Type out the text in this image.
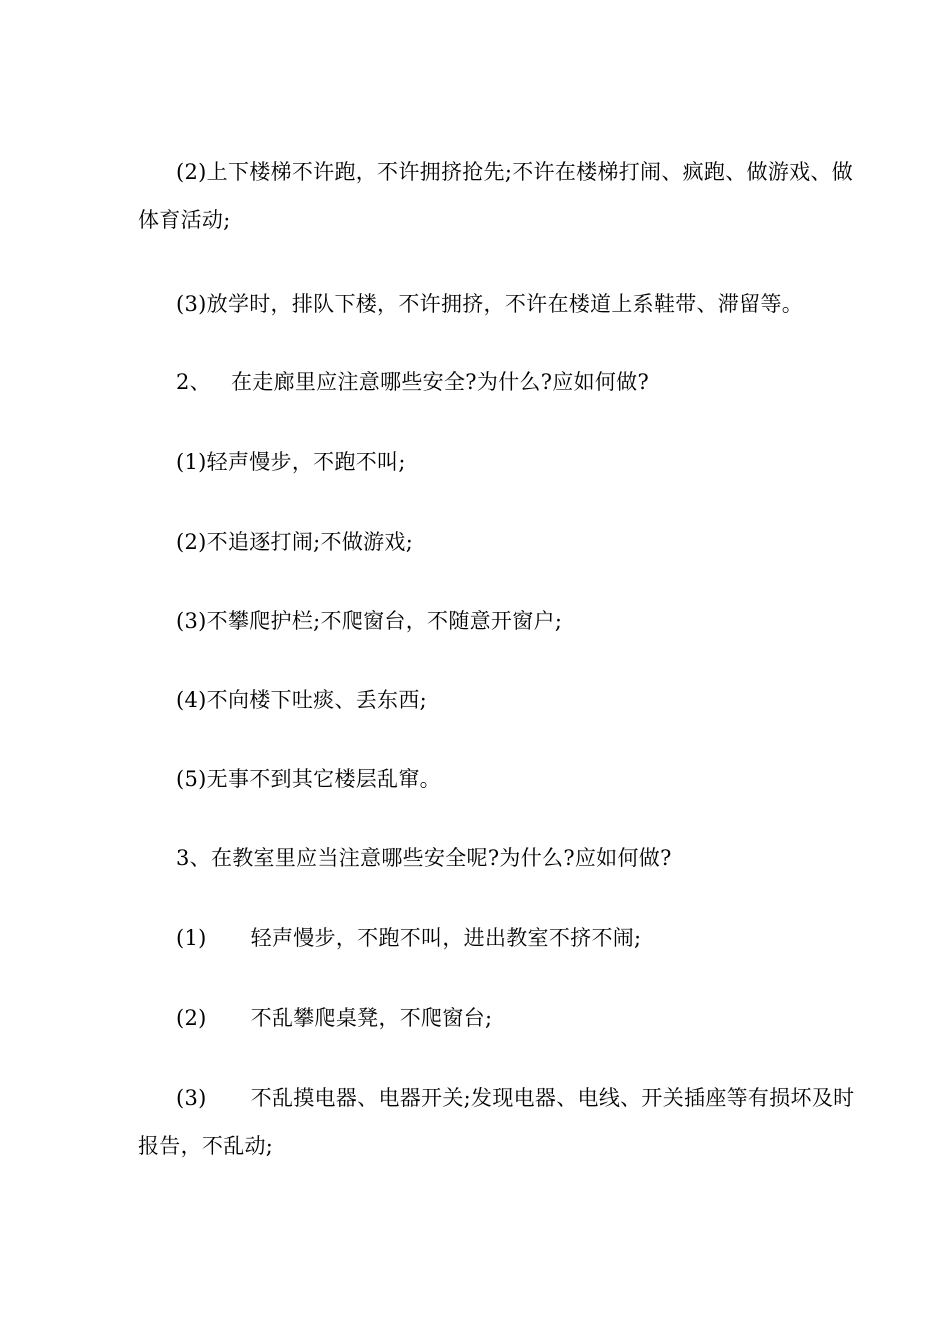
(2)上下楼梯不许跑，不许拥挤抢先;不许在楼梯打闹、疯跑、做游戏、做体育活动;
(3)放学时，排队下楼，不许拥挤，不许在楼道上系鞋带、滞留等。
2、 在走廊里应注意哪些安全?为什么?应如何做?
(1)轻声慢步，不跑不叫;
(2)不追逐打闹;不做游戏;
(3)不攀爬护栏;不爬窗台，不随意开窗户;
(4)不向楼下吐痰、丢东西;
(5)无事不到其它楼层乱窜。
3、在教室里应当注意哪些安全呢?为什么?应如何做?
(1) 轻声慢步，不跑不叫，进出教室不挤不闹;
(2) 不乱攀爬桌凳，不爬窗台;
(3) 不乱摸电器、电器开关;发现电器、电线、开关插座等有损坏及时报告，不乱动;
